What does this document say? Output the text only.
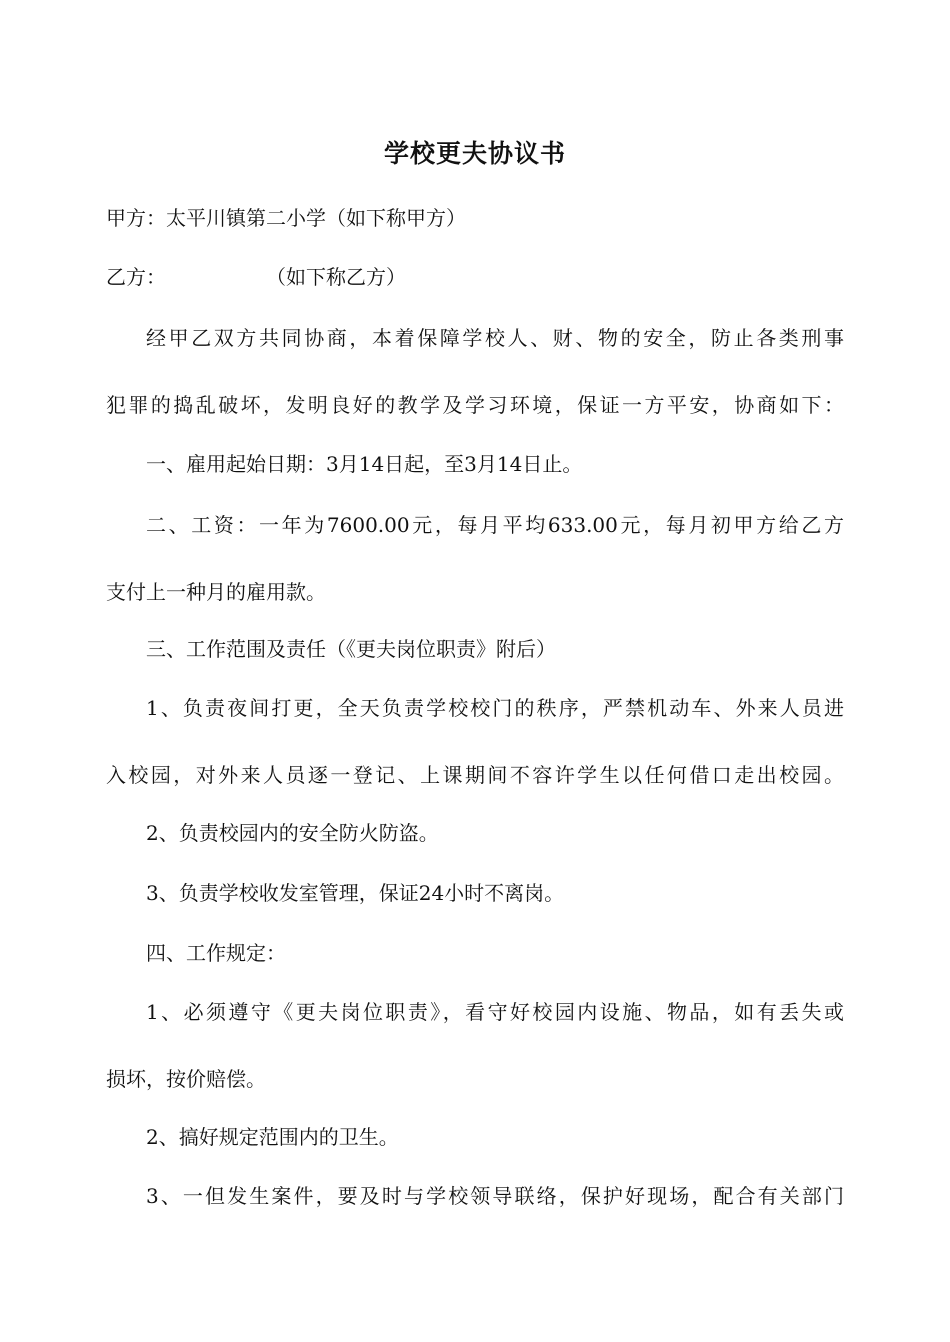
学校更夫协议书
甲方：太平川镇第二小学（如下称甲方）
乙方：	（如下称乙方）
经甲乙双方共同协商，本着保障学校人、财、物的安全，防止各类刑事
犯罪的捣乱破坏，发明良好的教学及学习环境，保证一方平安，协商如下：
一、雇用起始日期：3月14日起，至3月14日止。
二、工资：一年为7600.00元，每月平均633.00元，每月初甲方给乙方
支付上一种月的雇用款。
三、工作范围及责任（《更夫岗位职责》附后）
1、负责夜间打更，全天负责学校校门的秩序，严禁机动车、外来人员进
入校园，对外来人员逐一登记、上课期间不容许学生以任何借口走出校园。
2、负责校园内的安全防火防盗。
3、负责学校收发室管理，保证24小时不离岗。
四、工作规定：
1、必须遵守《更夫岗位职责》，看守好校园内设施、物品，如有丢失或
损坏，按价赔偿。
2、搞好规定范围内的卫生。
3、一但发生案件，要及时与学校领导联络，保护好现场，配合有关部门
